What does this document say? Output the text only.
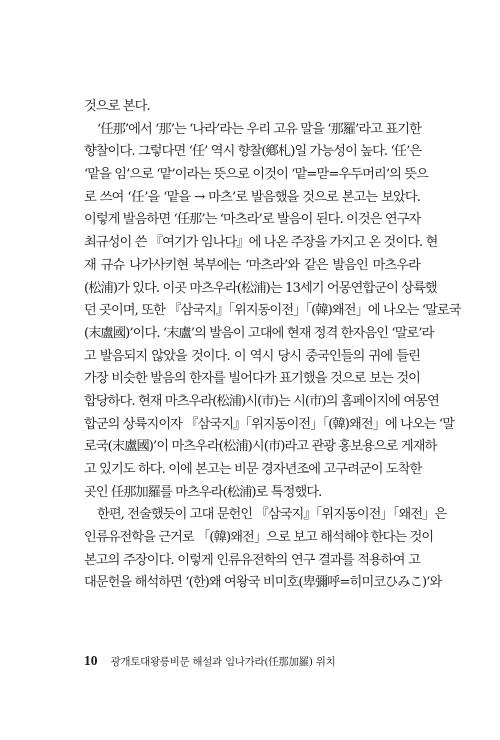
것으로 본다.
‘任那’에서 ‘那’는 ‘나라’라는 우리 고유 말을 ‘那羅’라고 표기한
향찰이다. 그렇다면 ‘任’ 역시 향찰(鄕札)일 가능성이 높다. ‘任’은
‘맡을 임’으로 ‘맡’이라는 뜻으로 이것이 ‘맡=맏=우두머리’의 뜻으
로 쓰여 ‘任’을 ‘맡을 → 마츠’로 발음했을 것으로 본고는 보았다.
이렇게 발음하면 ‘任那’는 ‘마츠라’로 발음이 된다. 이것은 연구자
최규성이 쓴 『여기가 임나다』에 나온 주장을 가지고 온 것이다. 현
재 규슈 나가사키현 북부에는 ‘마츠라’와 같은 발음인 마츠우라
(松浦)가 있다. 이곳 마츠우라(松浦)는 13세기 어몽연합군이 상륙했
던 곳이며, 또한 『삼국지』「위지동이전」「(韓)왜전」에 나오는 ‘말로국
(末盧國)’이다. ‘末盧’의 발음이 고대에 현재 정격 한자음인 ‘말로’라
고 발음되지 않았을 것이다. 이 역시 당시 중국인들의 귀에 들린
가장 비슷한 발음의 한자를 빌어다가 표기했을 것으로 보는 것이
합당하다. 현재 마츠우라(松浦)시(市)는 시(市)의 홈페이지에 여몽연
합군의 상륙지이자 『삼국지』「위지동이전」「(韓)왜전」에 나오는 ‘말
로국(末盧國)’이 마츠우라(松浦)시(市)라고 관광 홍보용으로 게재하
고 있기도 하다. 이에 본고는 비문 경자년조에 고구려군이 도착한
곳인 任那加羅를 마츠우라(松浦)로 특정했다.
한편, 전술했듯이 고대 문헌인 『삼국지』「위지동이전」「왜전」은
인류유전학을 근거로 「(韓)왜전」으로 보고 해석해야 한다는 것이
본고의 주장이다. 이렇게 인류유전학의 연구 결과를 적용하여 고
대문헌을 해석하면 ‘(한)왜 여왕국 비미호(卑彌呼=히미코ひみこ)’와
10 광개토대왕릉비문 해설과 임나가라(任那加羅) 위치
